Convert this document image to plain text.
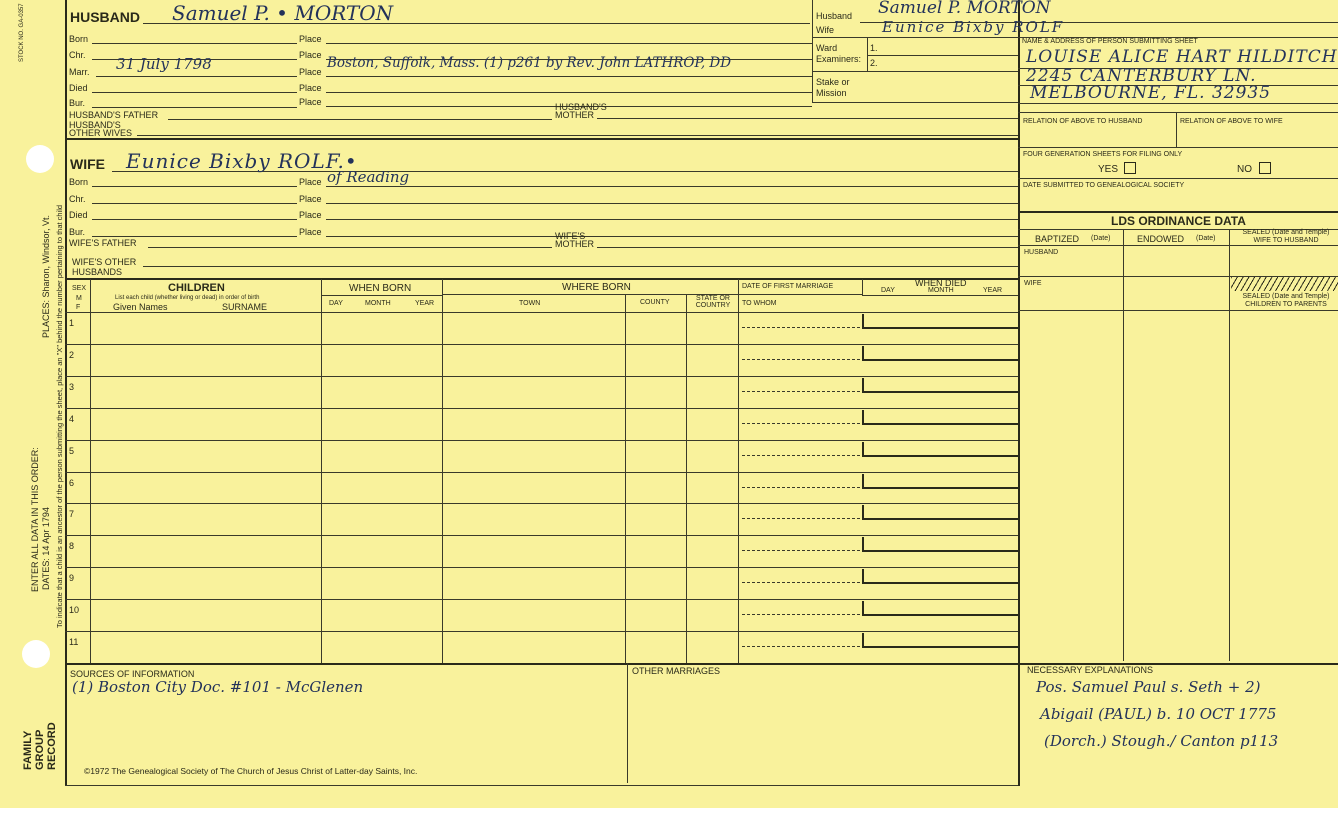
STOCK NO. GA-0357
To indicate that a child is an ancestor of the person submitting the sheet, place an "X" behind the number pertaining to that child
ENTER ALL DATA IN THIS ORDER:
PLACES: Sharon, Windsor, Vt.
DATES: 14 Apr 1794
FAMILY GROUP RECORD
HUSBAND Samuel P. • MORTON
Born	Place
Chr.	Place
Marr. 31 July 1798	Place
Boston, Suffolk, Mass. (1) p261 by Rev. John LATHROP, DD
Died	Place
Bur.	Place
HUSBAND'S FATHER
HUSBAND'S MOTHER
HUSBAND'S OTHER WIVES
WIFE Eunice Bixby ROLF.•
Born	Place of Reading
Chr.	Place
Died	Place
Bur.	Place
WIFE'S FATHER
WIFE'S MOTHER
WIFE'S OTHER HUSBANDS
Husband Samuel P. MORTON
Wife	Eunice Bixby ROLF
Ward Examiners:
1.
2.
Stake or Mission
NAME & ADDRESS OF PERSON SUBMITTING SHEET
LOUISE ALICE HART HILDITCH
2245 CANTERBURY LN.
MELBOURNE, FL. 32935
RELATION OF ABOVE TO HUSBAND	RELATION OF ABOVE TO WIFE
FOUR GENERATION SHEETS FOR FILING ONLY
YES	NO
DATE SUBMITTED TO GENEALOGICAL SOCIETY
LDS ORDINANCE DATA
BAPTIZED (Date)	ENDOWED (Date)
SEALED (Date and Temple) WIFE TO HUSBAND
HUSBAND
WIFE
SEALED (Date and Temple) CHILDREN TO PARENTS
SEX
M
F
CHILDREN
List each child (whether living or dead) in order of birth
Given Names	SURNAME
WHEN BORN
DAY	MONTH	YEAR
WHERE BORN
TOWN	COUNTY
STATE OR COUNTRY
DATE OF FIRST MARRIAGE
TO WHOM
WHEN DIED
DAY	MONTH	YEAR
1
2
3
4
5
6
7
8
9
10
11
SOURCES OF INFORMATION
(1) Boston City Doc. #101 - McGlenen
OTHER MARRIAGES	NECESSARY EXPLANATIONS
Pos. Samuel Paul s. Seth + 2)
Abigail (PAUL) b. 10 OCT 1775
(Dorch.) Stough./ Canton p113
©1972 The Genealogical Society of The Church of Jesus Christ of Latter-day Saints, Inc.
